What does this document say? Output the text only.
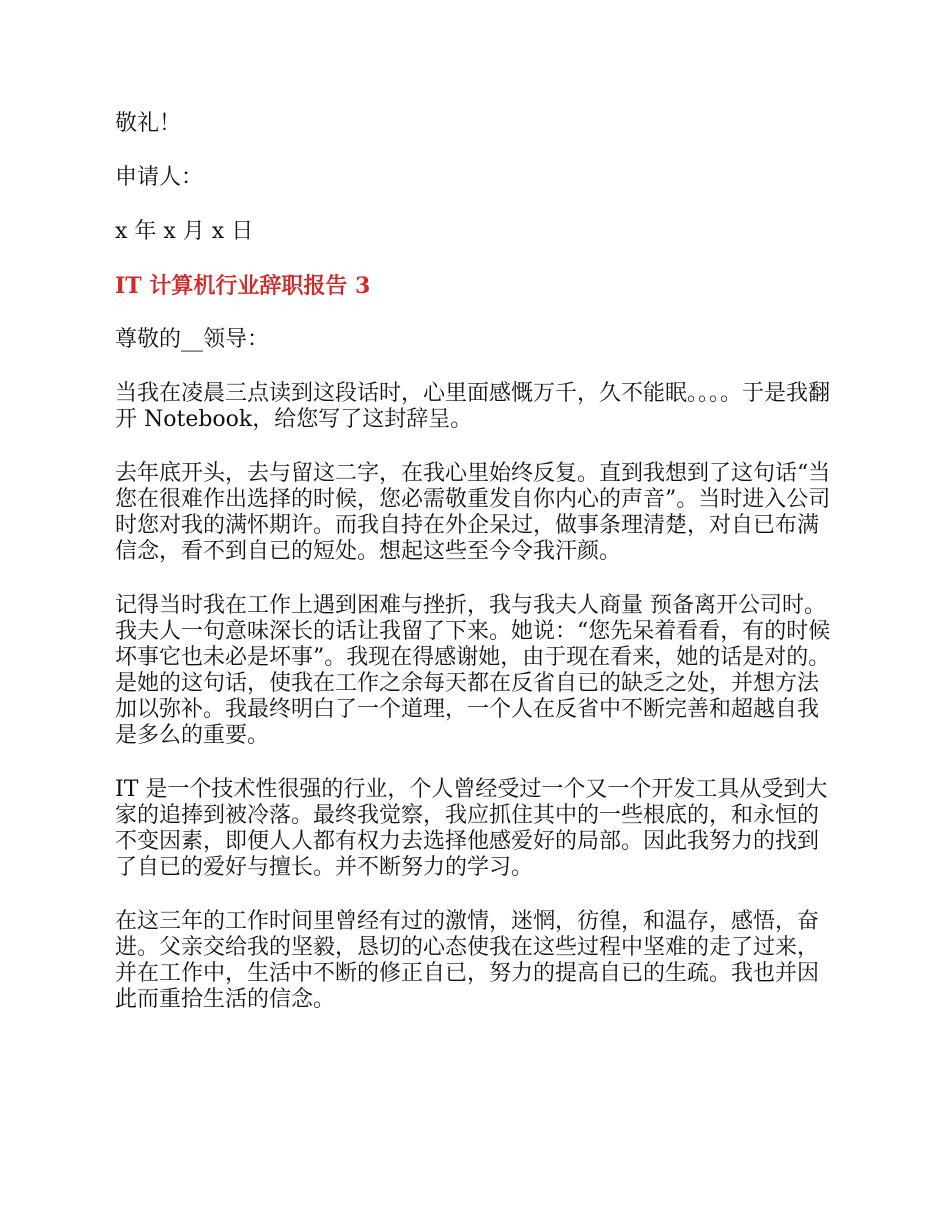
敬礼！
申请人：
x 年 x 月 x 日
IT 计算机行业辞职报告 3
尊敬的__领导：
当我在凌晨三点读到这段话时，心里面感慨万千，久不能眠。。。。于是我翻开 Notebook，给您写了这封辞呈。
去年底开头，去与留这二字，在我心里始终反复。直到我想到了这句话“当您在很难作出选择的时候，您必需敬重发自你内心的声音”。当时进入公司时您对我的满怀期许。而我自持在外企呆过，做事条理清楚，对自已布满信念，看不到自已的短处。想起这些至今令我汗颜。
记得当时我在工作上遇到困难与挫折，我与我夫人商量 预备离开公司时。我夫人一句意味深长的话让我留了下来。她说：“您先呆着看看，有的时候坏事它也未必是坏事”。我现在得感谢她，由于现在看来，她的话是对的。是她的这句话，使我在工作之余每天都在反省自已的缺乏之处，并想方法加以弥补。我最终明白了一个道理，一个人在反省中不断完善和超越自我是多么的重要。
IT 是一个技术性很强的行业，个人曾经受过一个又一个开发工具从受到大家的追捧到被冷落。最终我觉察，我应抓住其中的一些根底的，和永恒的不变因素，即便人人都有权力去选择他感爱好的局部。因此我努力的找到了自已的爱好与擅长。并不断努力的学习。
在这三年的工作时间里曾经有过的激情，迷惘，彷徨，和温存，感悟，奋进。父亲交给我的坚毅，恳切的心态使我在这些过程中坚难的走了过来，并在工作中，生活中不断的修正自已，努力的提高自已的生疏。我也并因此而重拾生活的信念。
